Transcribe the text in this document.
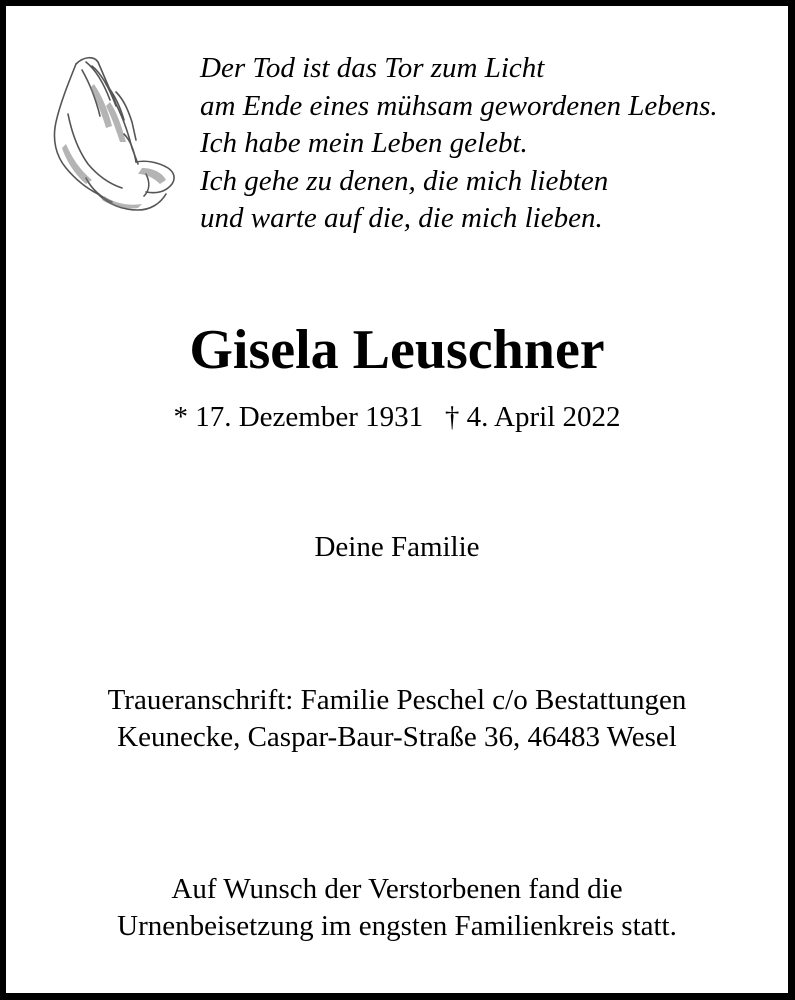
Der Tod ist das Tor zum Licht
am Ende eines mühsam gewordenen Lebens.
Ich habe mein Leben gelebt.
Ich gehe zu denen, die mich liebten
und warte auf die, die mich lieben.
Gisela Leuschner
* 17. Dezember 1931 † 4. April 2022
Deine Familie
Traueranschrift: Familie Peschel c/o Bestattungen
Keunecke, Caspar-Baur-Straße 36, 46483 Wesel
Auf Wunsch der Verstorbenen fand die
Urnenbeisetzung im engsten Familienkreis statt.
